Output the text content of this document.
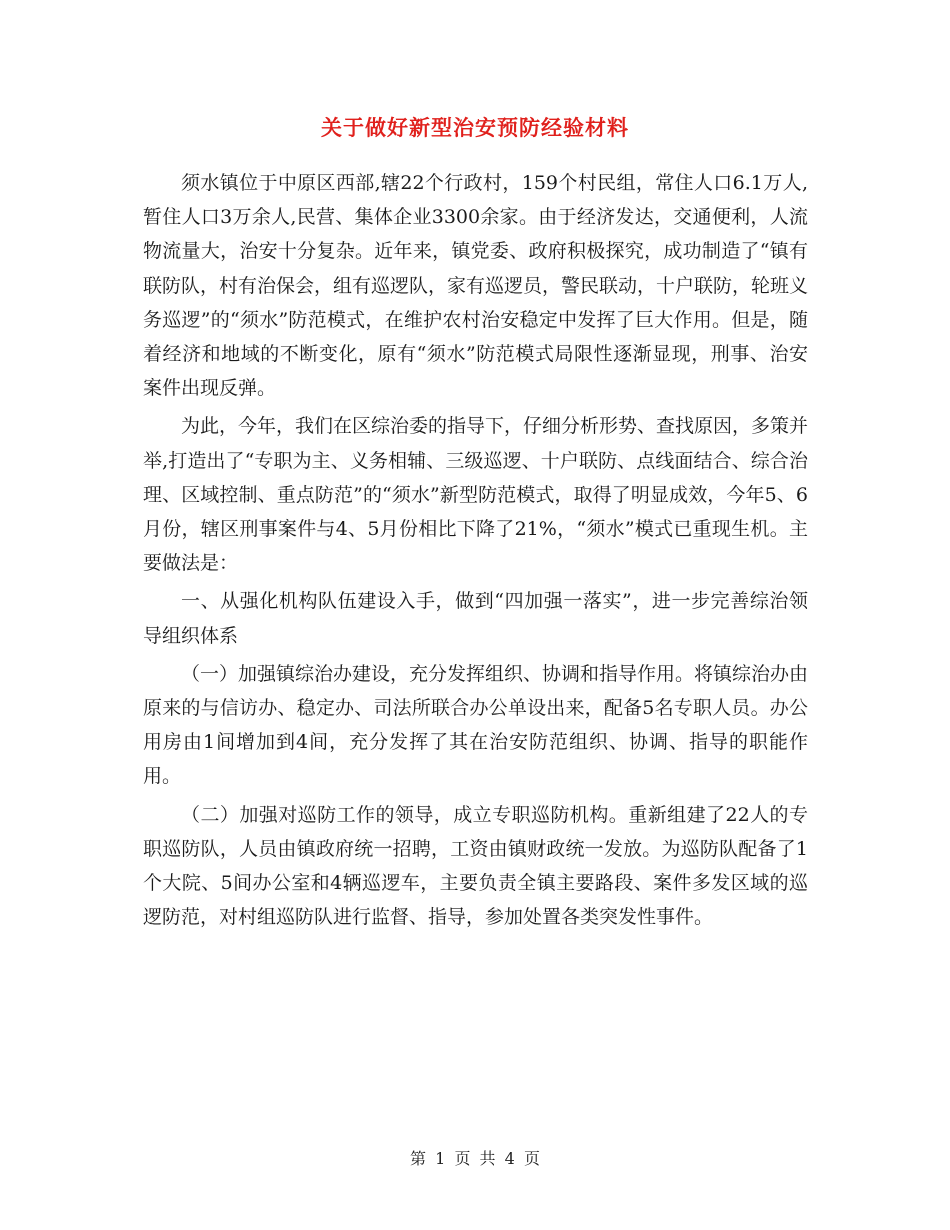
关于做好新型治安预防经验材料

须水镇位于中原区西部,辖22个行政村，159个村民组，常住人口6.1万人,暂住人口3万余人,民营、集体企业3300余家。由于经济发达，交通便利，人流物流量大，治安十分复杂。近年来，镇党委、政府积极探究，成功制造了“镇有联防队，村有治保会，组有巡逻队，家有巡逻员，警民联动，十户联防，轮班义务巡逻”的“须水”防范模式，在维护农村治安稳定中发挥了巨大作用。但是，随着经济和地域的不断变化，原有“须水”防范模式局限性逐渐显现，刑事、治安案件出现反弹。

为此，今年，我们在区综治委的指导下，仔细分析形势、查找原因，多策并举,打造出了“专职为主、义务相辅、三级巡逻、十户联防、点线面结合、综合治理、区域控制、重点防范”的“须水”新型防范模式，取得了明显成效，今年5、6月份，辖区刑事案件与4、5月份相比下降了21%，“须水”模式已重现生机。主要做法是：

一、从强化机构队伍建设入手，做到“四加强一落实”，进一步完善综治领导组织体系

（一）加强镇综治办建设，充分发挥组织、协调和指导作用。将镇综治办由原来的与信访办、稳定办、司法所联合办公单设出来，配备5名专职人员。办公用房由1间增加到4间，充分发挥了其在治安防范组织、协调、指导的职能作用。

（二）加强对巡防工作的领导，成立专职巡防机构。重新组建了22人的专职巡防队，人员由镇政府统一招聘，工资由镇财政统一发放。为巡防队配备了1个大院、5间办公室和4辆巡逻车，主要负责全镇主要路段、案件多发区域的巡逻防范，对村组巡防队进行监督、指导，参加处置各类突发性事件。

第 1 页 共 4 页
